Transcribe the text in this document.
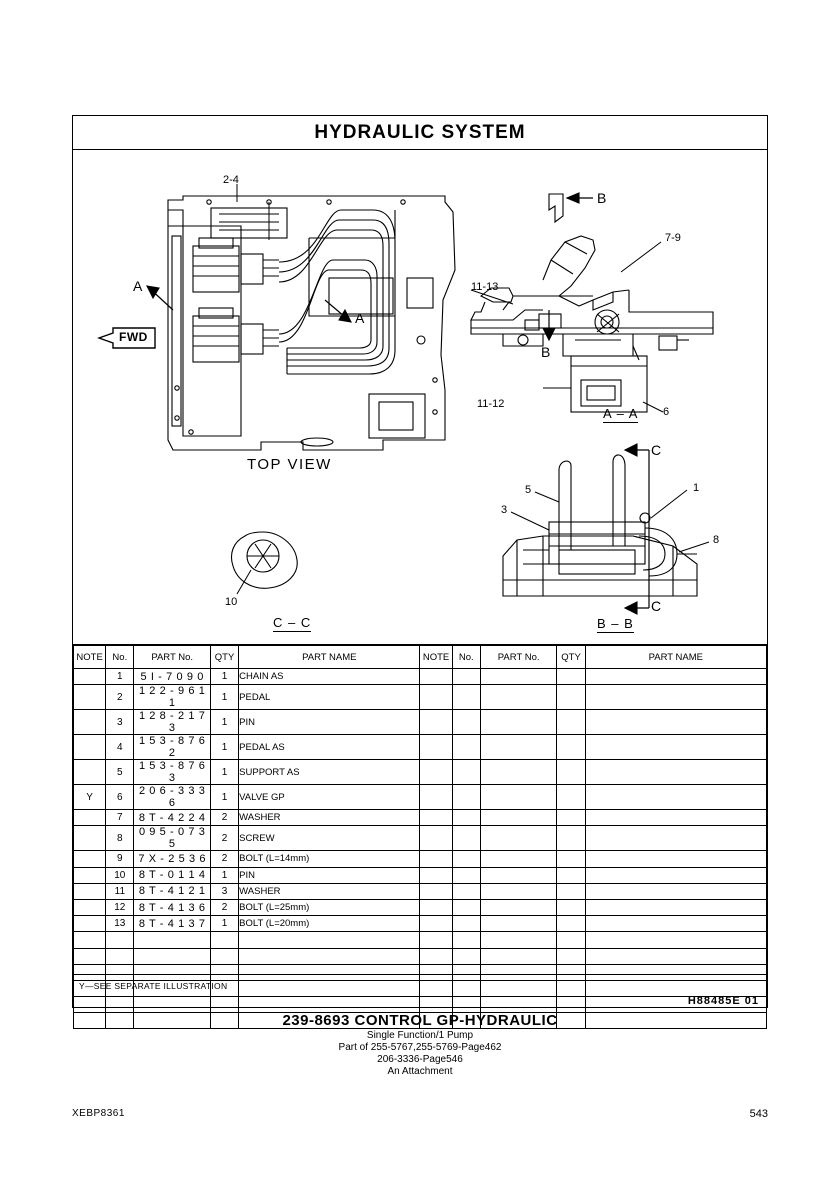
HYDRAULIC SYSTEM
2-4
A
A
B
7-9
11-13
B
11-12
6
10
C
C
5	1
3
8
FWD
TOP VIEW
C – C
A – A
B – B
NOTE	No.	PART No.	QTY	PART NAME	NOTE	No.	PART No.	QTY	PART NAME
	1	5 I - 7 0 9 0	1	CHAIN AS					
	2	1 2 2 - 9 6 1 1	1	PEDAL					
	3	1 2 8 - 2 1 7 3	1	PIN					
	4	1 5 3 - 8 7 6 2	1	PEDAL AS					
	5	1 5 3 - 8 7 6 3	1	SUPPORT AS					
Y	6	2 0 6 - 3 3 3 6	1	VALVE GP					
	7	8 T - 4 2 2 4	2	WASHER					
	8	0 9 5 - 0 7 3 5	2	SCREW					
	9	7 X - 2 5 3 6	2	BOLT (L=14mm)					
	10	8 T - 0 1 1 4	1	PIN					
	11	8 T - 4 1 2 1	3	WASHER					
	12	8 T - 4 1 3 6	2	BOLT (L=25mm)					
	13	8 T - 4 1 3 7	1	BOLT (L=20mm)					

Y—SEE SEPARATE ILLUSTRATION
H88485E 01
239-8693 CONTROL GP-HYDRAULIC
Single Function/1 Pump
Part of 255-5767,255-5769-Page462
206-3336-Page546
An Attachment
XEBP8361	543
